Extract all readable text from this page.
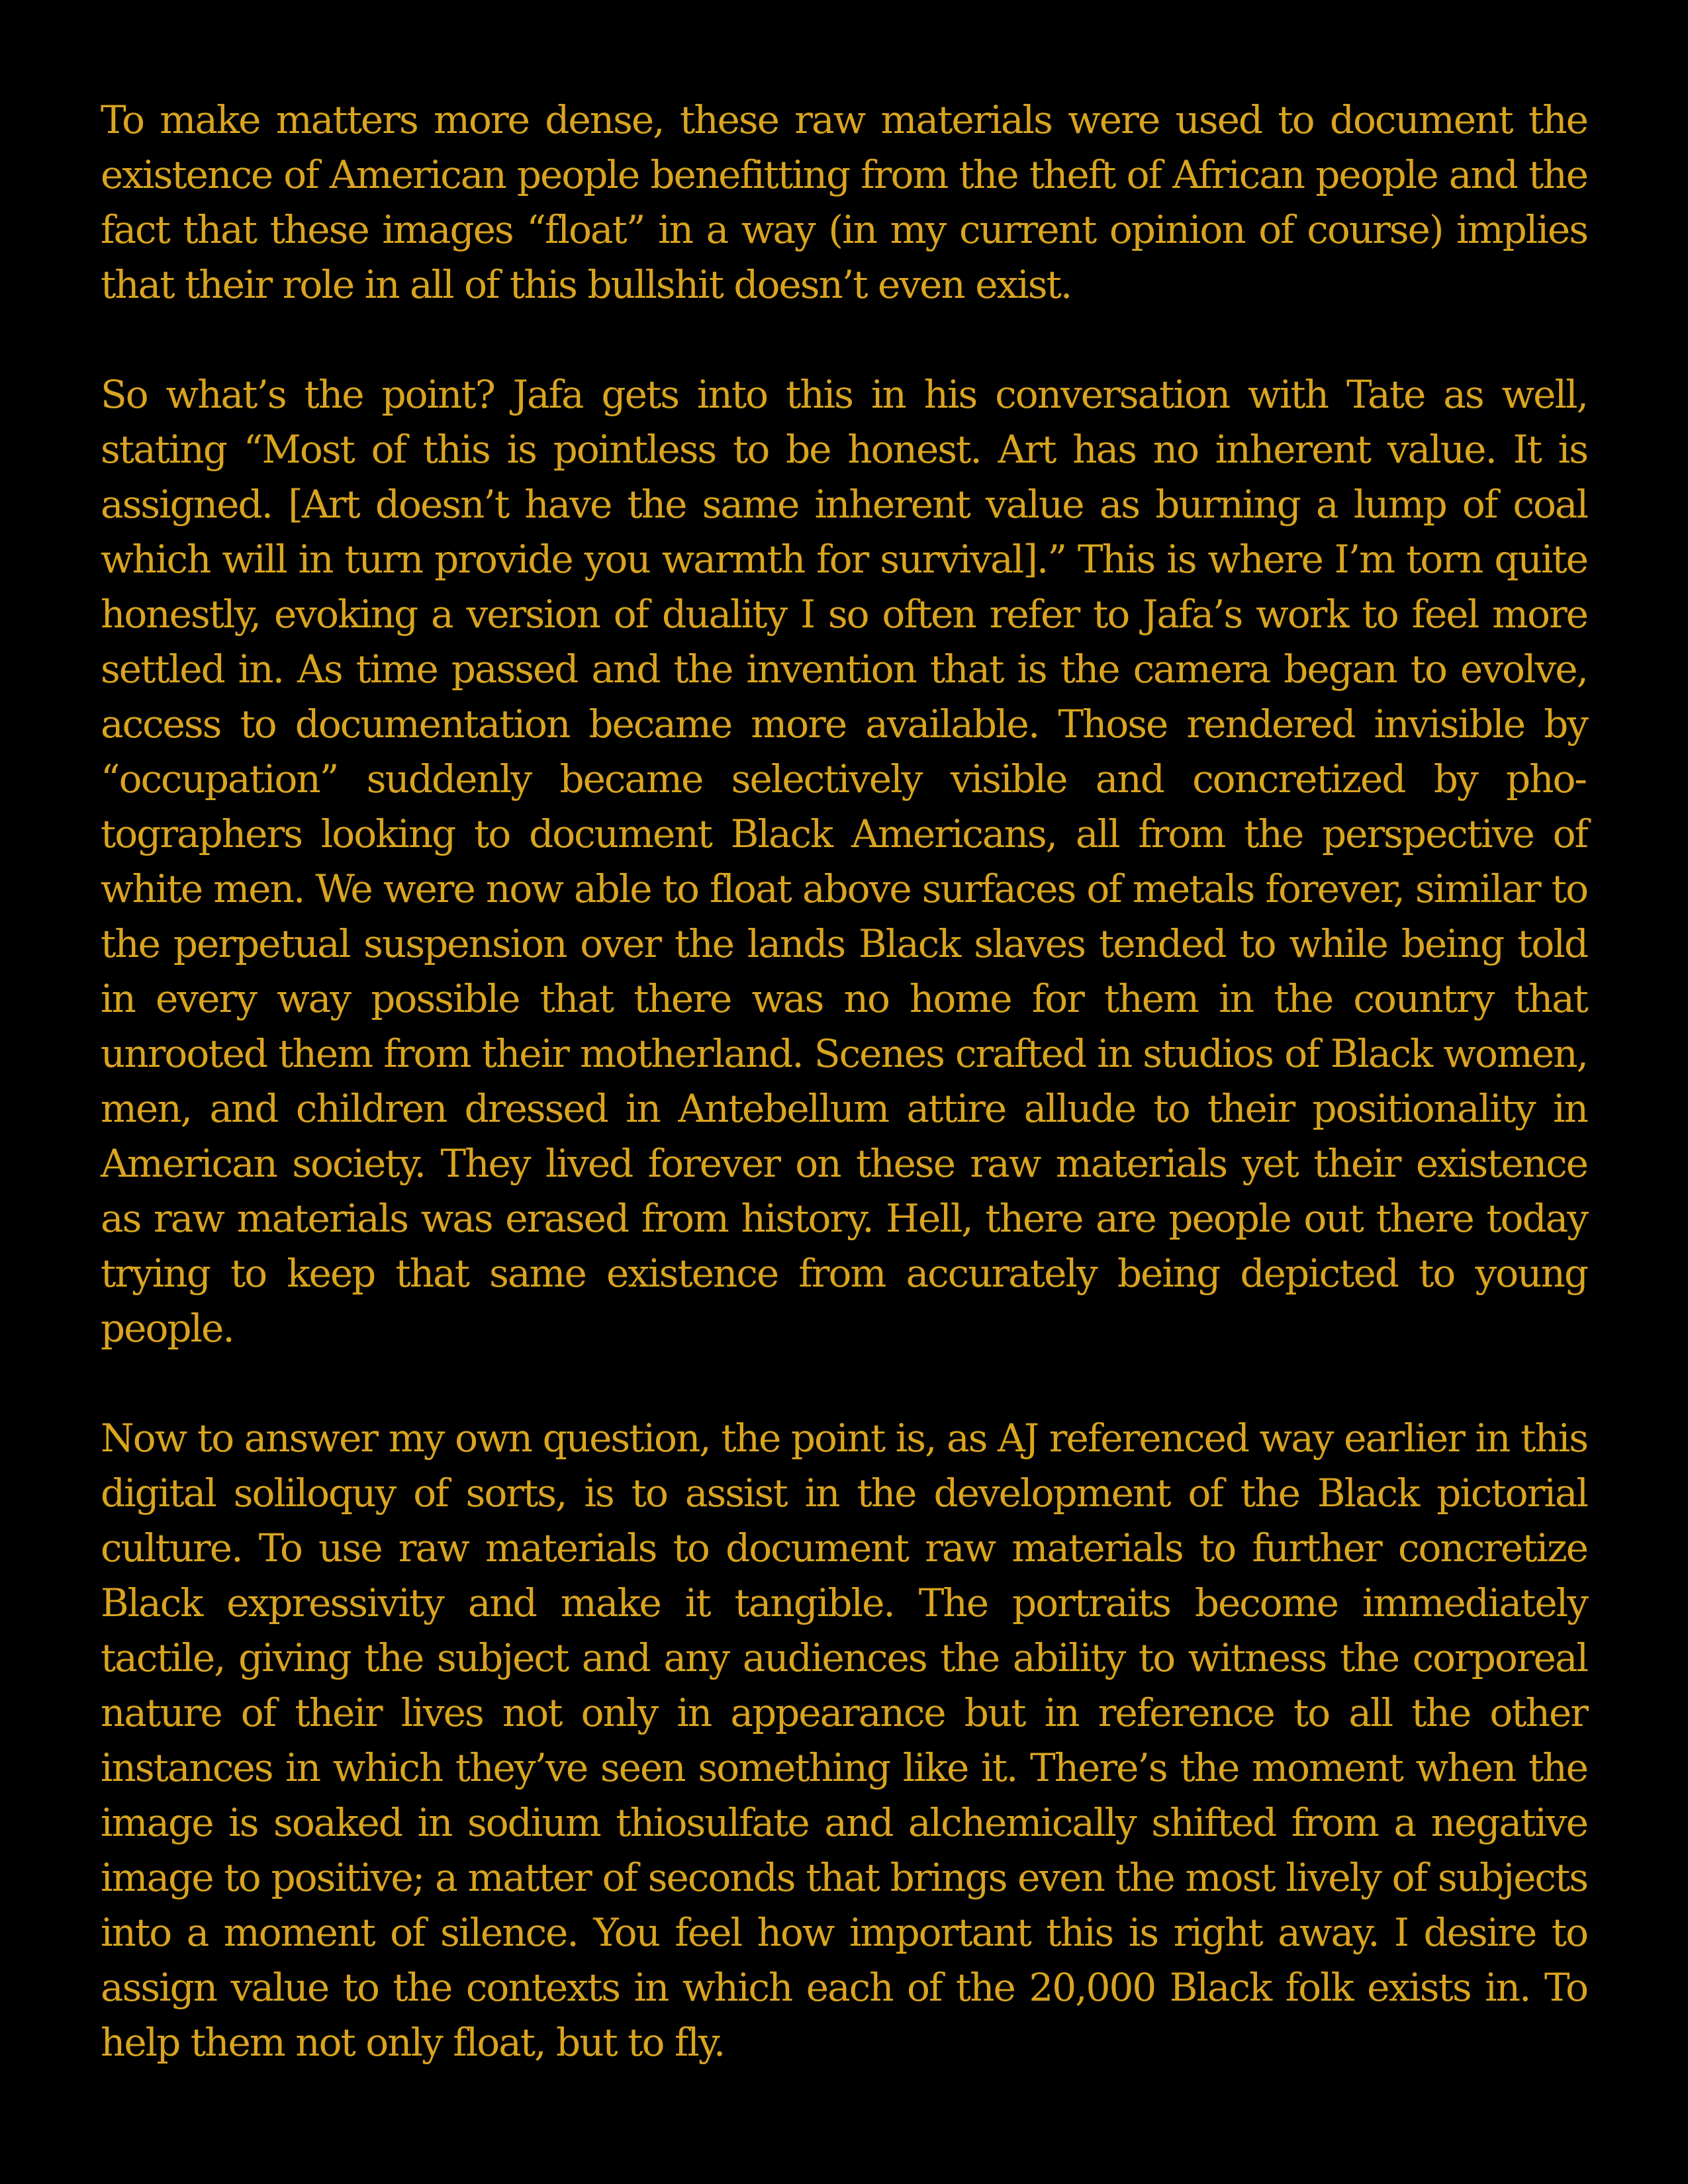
To make matters more dense, these raw materials were used to document the existence of American people benefitting from the theft of African people and the fact that these images “float” in a way (in my current opinion of course) implies that their role in all of this bullshit doesn’t even exist.

So what’s the point? Jafa gets into this in his conversation with Tate as well, stating “Most of this is pointless to be honest. Art has no inherent value. It is assigned. [Art doesn’t have the same inherent value as burning a lump of coal which will in turn provide you warmth for survival].” This is where I’m torn quite honestly, evoking a version of duality I so often refer to Jafa’s work to feel more settled in. As time passed and the invention that is the camera began to evolve, access to documentation became more available. Those rendered invisible by “occupation” suddenly became selectively visible and concretized by photographers looking to document Black Americans, all from the perspective of white men. We were now able to float above surfaces of metals forever, similar to the perpetual suspension over the lands Black slaves tended to while being told in every way possible that there was no home for them in the country that unrooted them from their motherland. Scenes crafted in studios of Black women, men, and children dressed in Antebellum attire allude to their positionality in American society. They lived forever on these raw materials yet their existence as raw materials was erased from history. Hell, there are people out there today trying to keep that same existence from accurately being depicted to young people.

Now to answer my own question, the point is, as AJ referenced way earlier in this digital soliloquy of sorts, is to assist in the development of the Black pictorial culture. To use raw materials to document raw materials to further concretize Black expressivity and make it tangible. The portraits become immediately tactile, giving the subject and any audiences the ability to witness the corporeal nature of their lives not only in appearance but in reference to all the other instances in which they’ve seen something like it. There’s the moment when the image is soaked in sodium thiosulfate and alchemically shifted from a negative image to positive; a matter of seconds that brings even the most lively of subjects into a moment of silence. You feel how important this is right away. I desire to assign value to the contexts in which each of the 20,000 Black folk exists in. To help them not only float, but to fly.
